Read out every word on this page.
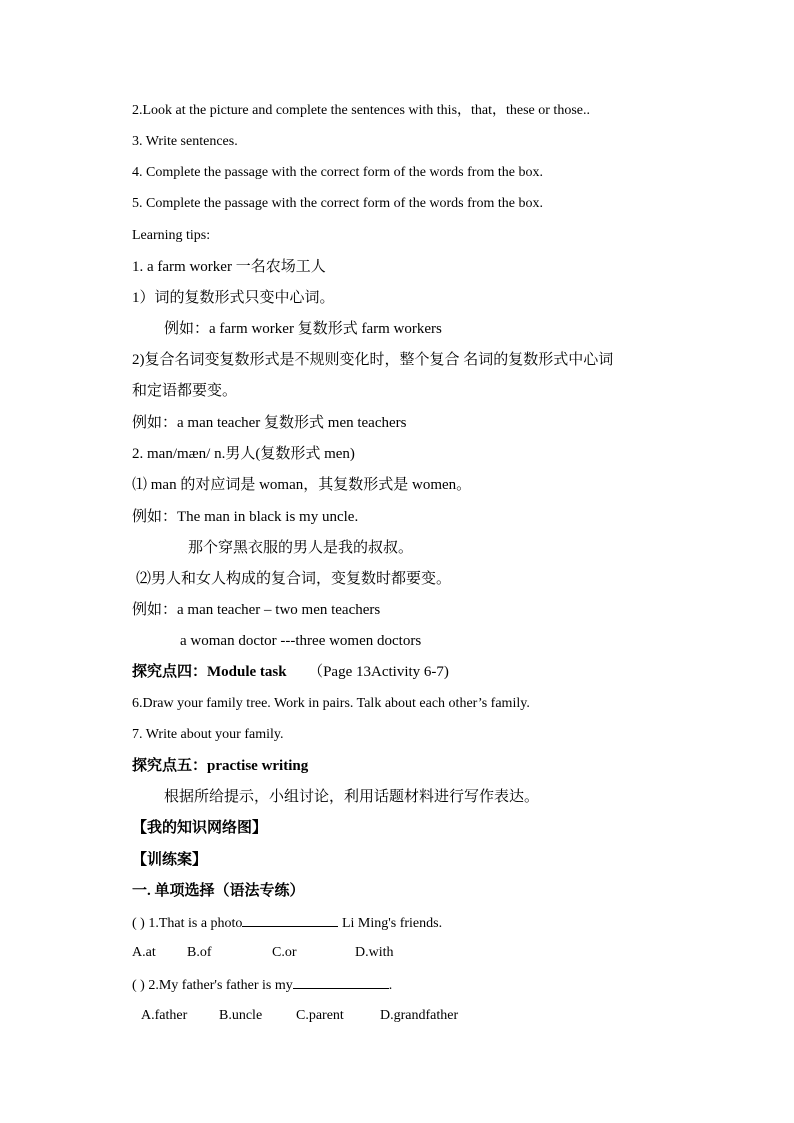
2.Look at the picture and complete the sentences with this，that，these or those..
3. Write sentences.
4. Complete the passage with the correct form of the words from the box.
5. Complete the passage with the correct form of the words from the box.
Learning tips:
1. a farm worker 一名农场工人
1）词的复数形式只变中心词。
例如：a farm worker 复数形式 farm workers
2)复合名词变复数形式是不规则变化时，整个复合 名词的复数形式中心词
和定语都要变。
例如：a man teacher 复数形式 men teachers
2. man/mæn/ n.男人(复数形式 men)
⑴ man 的对应词是 woman，其复数形式是 women。
例如：The man in black is my uncle.
那个穿黑衣服的男人是我的叔叔。
⑵男人和女人构成的复合词，变复数时都要变。
例如：a man teacher – two men teachers
a woman doctor ---three women doctors
探究点四：Module task （Page 13Activity 6-7)
6.Draw your family tree. Work in pairs. Talk about each other’s family.
7. Write about your family.
探究点五：practise writing
根据所给提示，小组讨论，利用话题材料进行写作表达。
【我的知识网络图】
【训练案】
一. 单项选择（语法专练）
( ) 1.That is a photo	Li Ming's friends.
A.at B.of	C.or	D.with
( ) 2.My father's father is my	.
A.father B.uncle C.parent	D.grandfather
